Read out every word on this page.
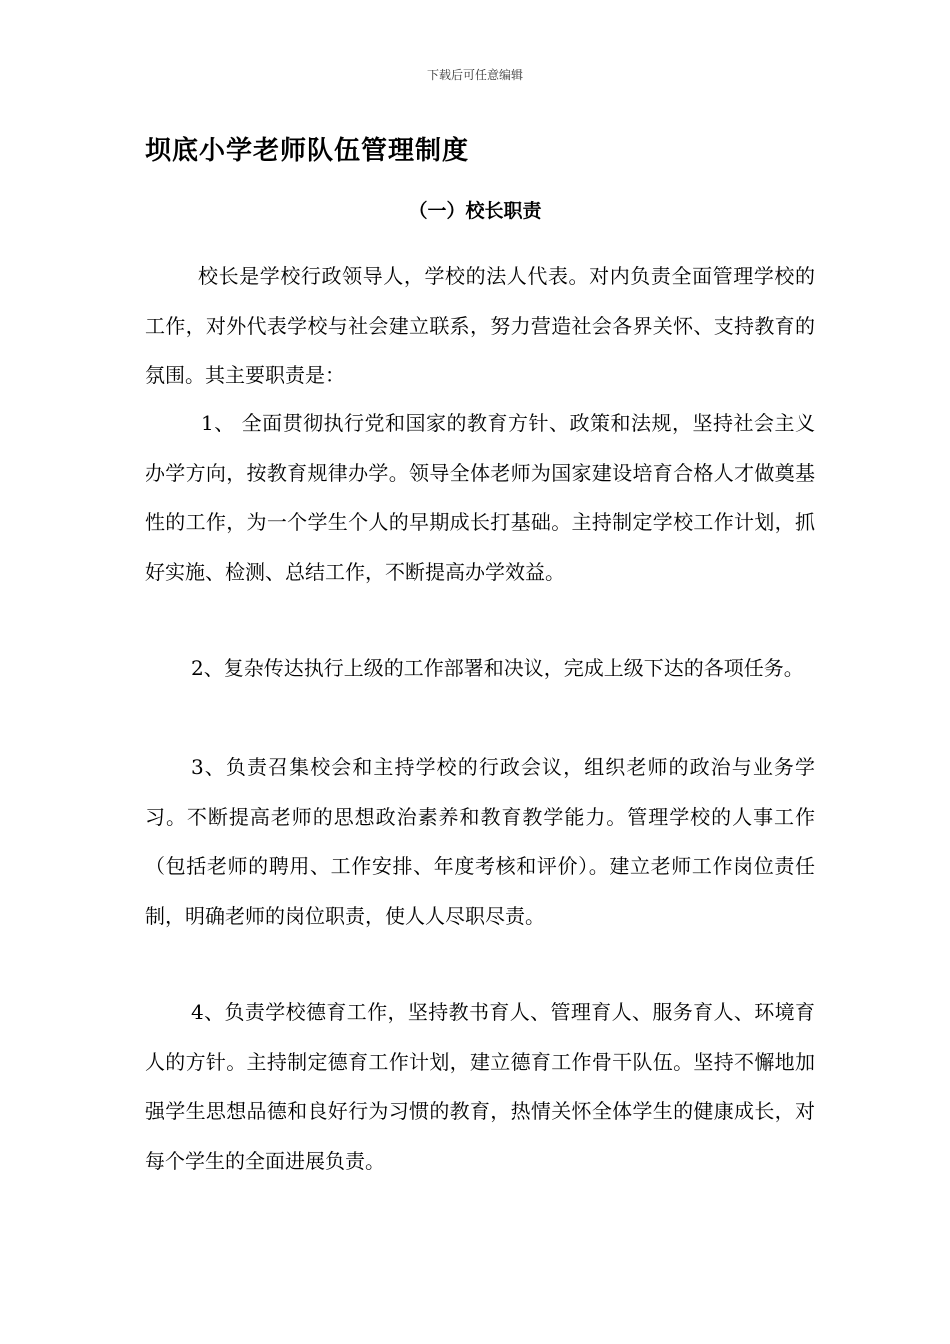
下载后可任意编辑
坝底小学老师队伍管理制度
（一）校长职责

校长是学校行政领导人，学校的法人代表。对内负责全面管理学校的工作，对外代表学校与社会建立联系，努力营造社会各界关怀、支持教育的氛围。其主要职责是：

1、 全面贯彻执行党和国家的教育方针、政策和法规，坚持社会主义办学方向，按教育规律办学。领导全体老师为国家建设培育合格人才做奠基性的工作，为一个学生个人的早期成长打基础。主持制定学校工作计划，抓好实施、检测、总结工作，不断提高办学效益。

2、复杂传达执行上级的工作部署和决议，完成上级下达的各项任务。

3、负责召集校会和主持学校的行政会议，组织老师的政治与业务学习。不断提高老师的思想政治素养和教育教学能力。管理学校的人事工作（包括老师的聘用、工作安排、年度考核和评价）。建立老师工作岗位责任制，明确老师的岗位职责，使人人尽职尽责。

4、负责学校德育工作，坚持教书育人、管理育人、服务育人、环境育人的方针。主持制定德育工作计划，建立德育工作骨干队伍。坚持不懈地加强学生思想品德和良好行为习惯的教育，热情关怀全体学生的健康成长，对每个学生的全面进展负责。
